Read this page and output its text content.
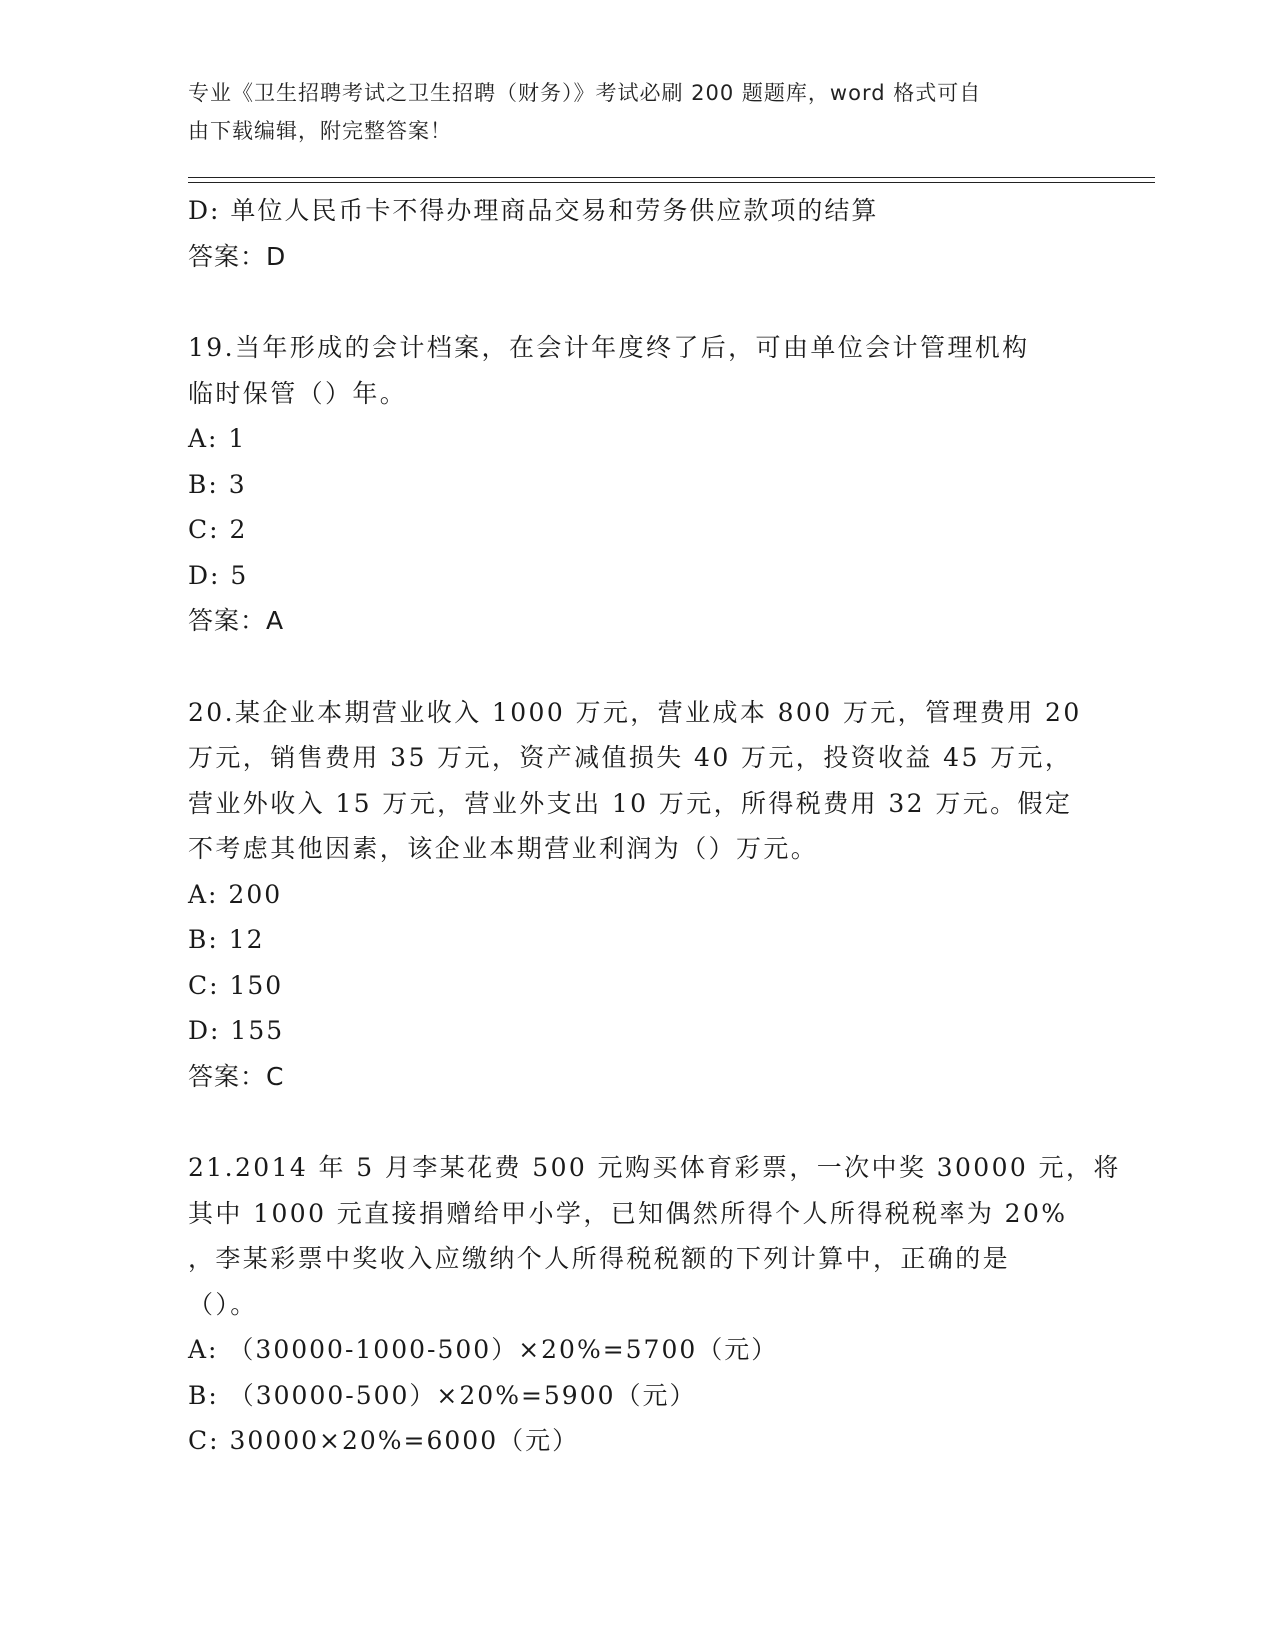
专业《卫生招聘考试之卫生招聘（财务）》考试必刷 200 题题库，word 格式可自
由下载编辑，附完整答案！
D: 单位人民币卡不得办理商品交易和劳务供应款项的结算
答案：D
19.当年形成的会计档案，在会计年度终了后，可由单位会计管理机构
临时保管（）年。
A: 1
B: 3
C: 2
D: 5
答案：A
20.某企业本期营业收入 1000 万元，营业成本 800 万元，管理费用 20
万元，销售费用 35 万元，资产减值损失 40 万元，投资收益 45 万元，
营业外收入 15 万元，营业外支出 10 万元，所得税费用 32 万元。假定
不考虑其他因素，该企业本期营业利润为（）万元。
A: 200
B: 12
C: 150
D: 155
答案：C
21.2014 年 5 月李某花费 500 元购买体育彩票，一次中奖 30000 元，将
其中 1000 元直接捐赠给甲小学，已知偶然所得个人所得税税率为 20%
，李某彩票中奖收入应缴纳个人所得税税额的下列计算中，正确的是
（）。
A: （30000-1000-500）×20%=5700（元）
B: （30000-500）×20%=5900（元）
C: 30000×20%=6000（元）
